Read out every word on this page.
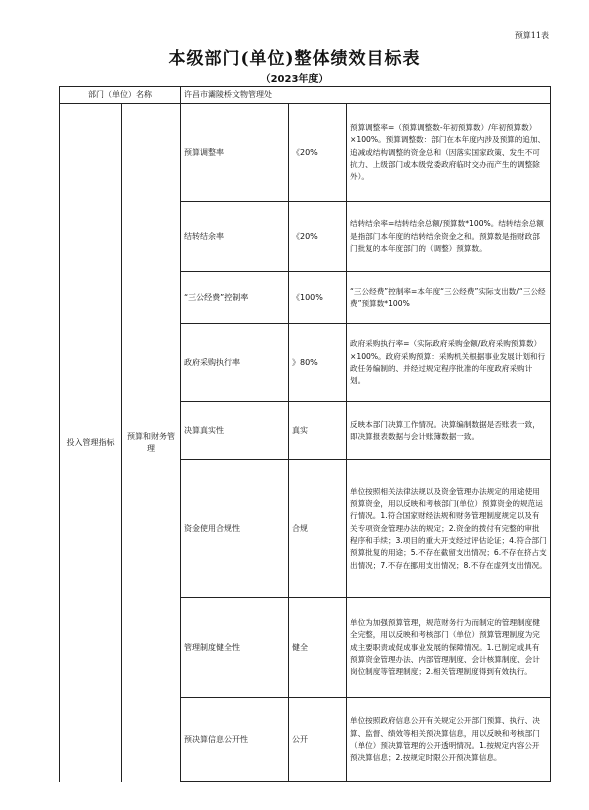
预算11表
本级部门(单位)整体绩效目标表
（2023年度）
部门（单位）名称		许昌市灞陵桥文物管理处		
投入管理指标	预算和财务管理	预算调整率	《20%	预算调整率=（预算调整数-年初预算数）/年初预算数）×100%。预算调整数：部门在本年度内涉及预算的追加、追减或结构调整的资金总和（因落实国家政策、发生不可抗力、上级部门或本级党委政府临时交办而产生的调整除外）。
		结转结余率	《20%	结转结余率=结转结余总额/预算数*100%。结转结余总额是指部门本年度的结转结余资金之和。预算数是指财政部门批复的本年度部门的（调整）预算数。
		“三公经费”控制率	《100%	“三公经费”控制率=本年度“三公经费”实际支出数/“三公经费”预算数*100%
		政府采购执行率	》80%	政府采购执行率=（实际政府采购金额/政府采购预算数）×100%。政府采购预算：采购机关根据事业发展计划和行政任务编制的、并经过规定程序批准的年度政府采购计划。
		决算真实性	真实	反映本部门决算工作情况。决算编制数据是否账表一致，即决算报表数据与会计账簿数据一致。
		资金使用合规性	合规	单位按照相关法律法规以及资金管理办法规定的用途使用预算资金，用以反映和考核部门(单位）预算资金的规范运行情况。1.符合国家财经法规和财务管理制度规定以及有关专项资金管理办法的规定；2.资金的拨付有完整的审批程序和手续；3.项目的重大开支经过评估论证；4.符合部门预算批复的用途；5.不存在截留支出情况；6.不存在挤占支出情况；7.不存在挪用支出情况；8.不存在虚列支出情况。
		管理制度健全性	健全	单位为加强预算管理，规范财务行为而制定的管理制度健全完整，用以反映和考核部门（单位）预算管理制度为完成主要职责或促成事业发展的保障情况。1.已制定或具有预算资金管理办法、内部管理制度、会计核算制度、会计岗位制度等管理制度；2.相关管理制度得到有效执行。
		预决算信息公开性	公开	单位按照政府信息公开有关规定公开部门预算、执行、决算、监督、绩效等相关预决算信息，用以反映和考核部门（单位）预决算管理的公开透明情况。1.按规定内容公开预决算信息；2.按规定时限公开预决算信息。
